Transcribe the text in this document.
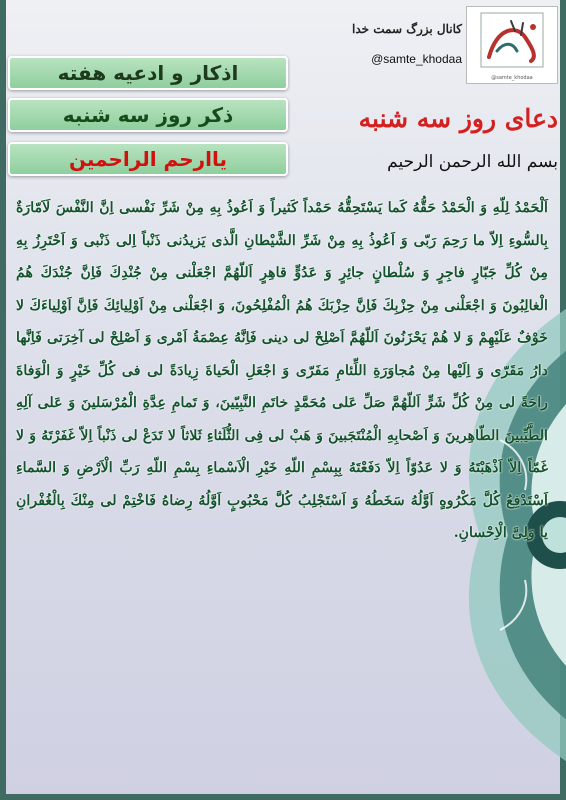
@samte_khodaa
کانال بزرگ سمت خدا
@samte_khodaa
اذکار و ادعیه هفته
ذکر روز سه شنبه
یاارحم الراحمین
دعای روز سه شنبه
بسم الله الرحمن الرحیم

اَلْحَمْدُ لِلّهِ وَ الْحَمْدُ حَقُّهُ كَما يَسْتَحِقُّهُ حَمْداً كَثيراً وَ اَعُوذُ بِهِ مِنْ شَرِّ نَفْسى اِنَّ النَّفْسَ لَاَمّارَةٌ بِالسُّوءِ اِلاّ ما رَحِمَ رَبّى وَ اَعُوذُ بِهِ مِنْ شَرِّ الشَّيْطانِ الَّذى يَزيدُنى ذَنْباً اِلى ذَنْبى وَ اَحْتَرِزُ بِهِ مِنْ كُلِّ جَبّارٍ فاجِرٍ وَ سُلْطانٍ جائِرٍ وَ عَدُوٍّ قاهِرٍ اَللّهُمَّ اجْعَلْنى مِنْ جُنْدِكَ فَاِنَّ جُنْدَكَ هُمُ الْغالِبُونَ وَ اجْعَلْنى مِنْ حِزْبِكَ فَاِنَّ حِزْبَكَ هُمُ الْمُفْلِحُونَ، وَ اجْعَلْنى مِنْ اَوْلِيائِكَ فَاِنَّ اَوْلِياءَكَ لا خَوْفٌ عَلَيْهِمْ وَ لا هُمْ يَحْزَنُونَ اَللّهُمَّ اَصْلِحْ لى دينى فَاِنَّهُ عِصْمَةُ اَمْرى وَ اَصْلِحْ لى آخِرَتى فَاِنَّها دارُ مَقَرّى وَ اِلَيْها مِنْ مُجاوَرَةِ اللِّئامِ مَفَرّى وَ اجْعَلِ الْحَياةَ زِيادَةً لى فى كُلِّ خَيْرٍ وَ الْوَفاةَ راحَةً لى مِنْ كُلِّ شَرٍّ اَللّهُمَّ صَلِّ عَلى مُحَمَّدٍ خاتَمِ النَّبِيّينَ، وَ تَمامِ عِدَّةِ الْمُرْسَلينَ وَ عَلى آلِهِ الطَّيِّبينَ الطّاهِرينَ وَ اَصْحابِهِ الْمُنْتَجَبينَ وَ هَبْ لى فِى الثُّلَثاءِ ثَلاثاً لا تَدَعْ لى ذَنْباً اِلاّ غَفَرْتَهُ وَ لا غَمّاً اِلاّ اَذْهَبْتَهُ وَ لا عَدُوّاً اِلاّ دَفَعْتَهُ بِبِسْمِ اللّهِ خَيْرِ الْاَسْماءِ بِسْمِ اللّهِ رَبِّ الْاَرْضِ وَ السَّماءِ اَسْتَدْفِعُ كُلَّ مَكْرُوهٍ اَوَّلُهُ سَخَطُهُ وَ اَسْتَجْلِبُ كُلَّ مَحْبُوبٍ اَوَّلُهُ رِضاهُ فَاخْتِمْ لى مِنْكَ بِالْغُفْرانِ يا وَلِىَّ الْاِحْسانِ.
